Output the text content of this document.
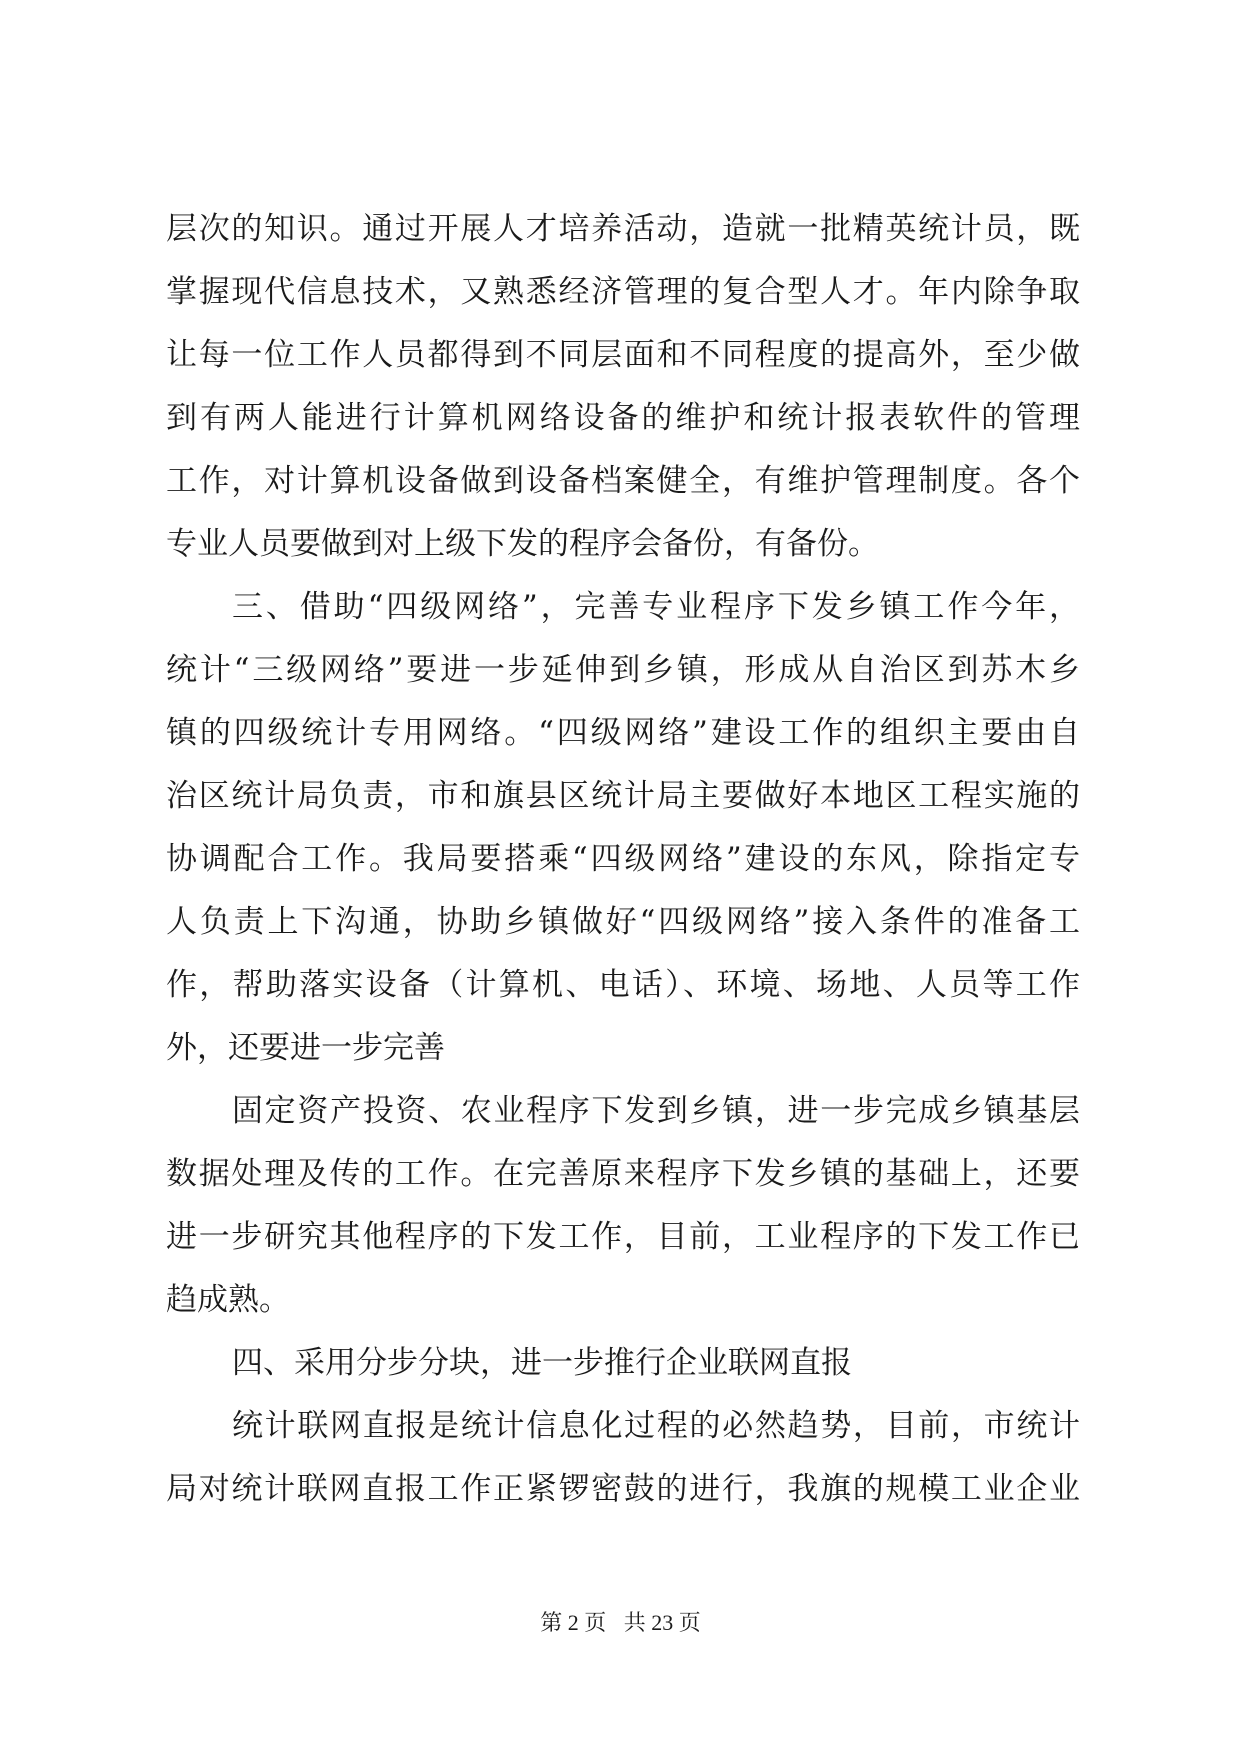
层次的知识。通过开展人才培养活动，造就一批精英统计员，既
掌握现代信息技术，又熟悉经济管理的复合型人才。年内除争取
让每一位工作人员都得到不同层面和不同程度的提高外，至少做
到有两人能进行计算机网络设备的维护和统计报表软件的管理
工作，对计算机设备做到设备档案健全，有维护管理制度。各个
专业人员要做到对上级下发的程序会备份，有备份。
三、借助“四级网络”，完善专业程序下发乡镇工作今年，
统计“三级网络”要进一步延伸到乡镇，形成从自治区到苏木乡
镇的四级统计专用网络。“四级网络”建设工作的组织主要由自
治区统计局负责，市和旗县区统计局主要做好本地区工程实施的
协调配合工作。我局要搭乘“四级网络”建设的东风，除指定专
人负责上下沟通，协助乡镇做好“四级网络”接入条件的准备工
作，帮助落实设备（计算机、电话）、环境、场地、人员等工作
外，还要进一步完善
固定资产投资、农业程序下发到乡镇，进一步完成乡镇基层
数据处理及传的工作。在完善原来程序下发乡镇的基础上，还要
进一步研究其他程序的下发工作，目前，工业程序的下发工作已
趋成熟。
四、采用分步分块，进一步推行企业联网直报
统计联网直报是统计信息化过程的必然趋势，目前，市统计
局对统计联网直报工作正紧锣密鼓的进行，我旗的规模工业企业
第 2 页 共 23 页
